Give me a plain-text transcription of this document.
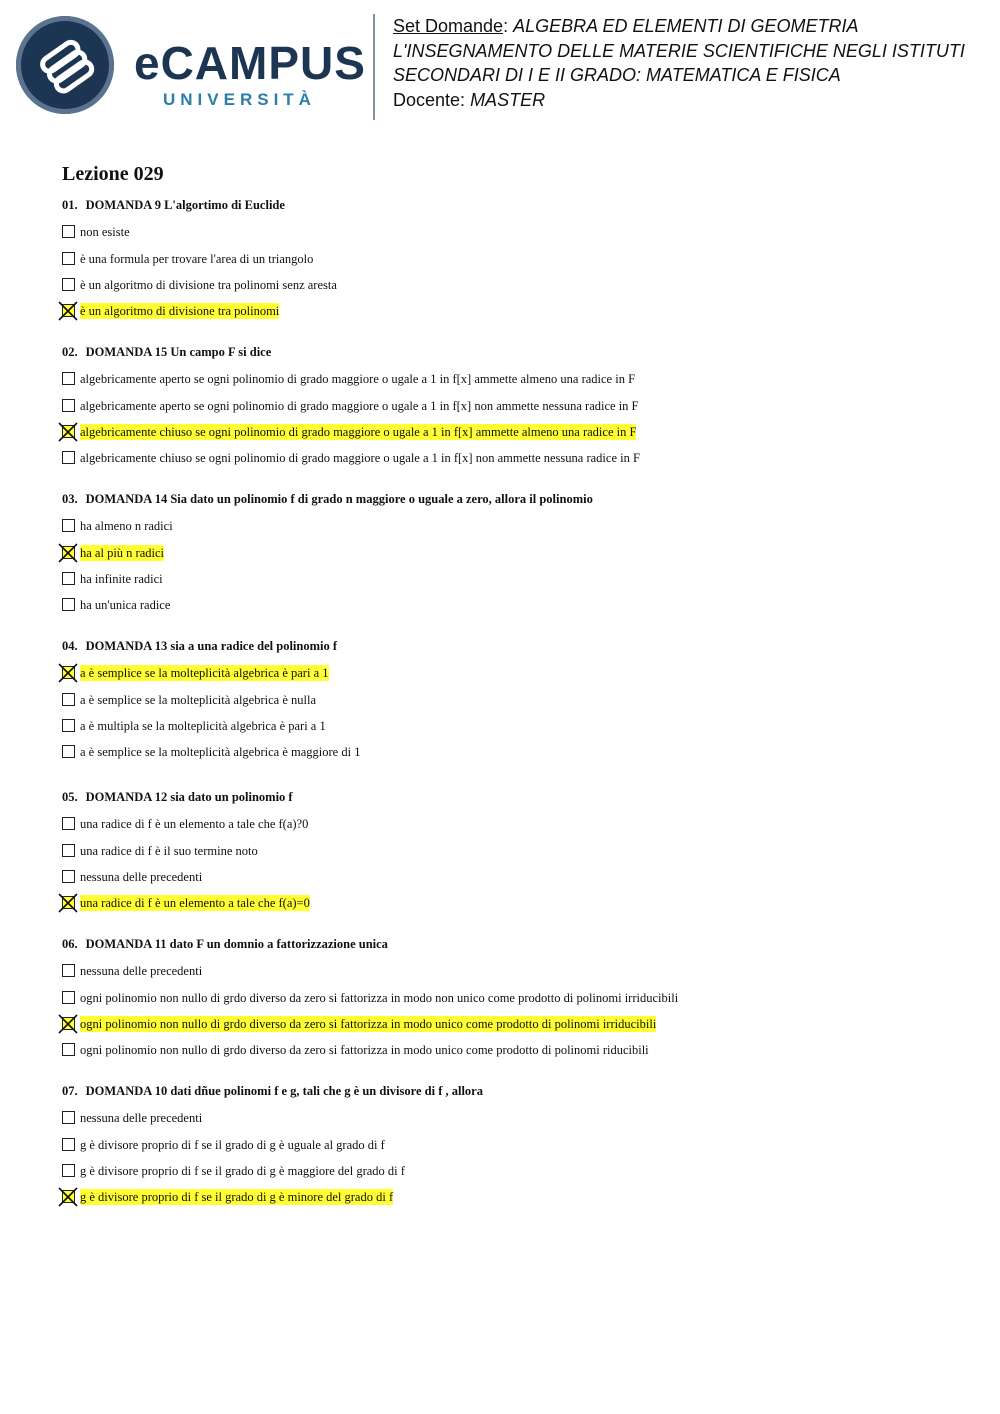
eCAMPUS
UNIVERSITÀ
Set Domande: ALGEBRA ED ELEMENTI DI GEOMETRIA
L'INSEGNAMENTO DELLE MATERIE SCIENTIFICHE NEGLI ISTITUTI
SECONDARI DI I E II GRADO: MATEMATICA E FISICA
Docente: MASTER
Lezione 029
01. DOMANDA 9 L'algortimo di Euclide
non esiste
è una formula per trovare l'area di un triangolo
è un algoritmo di divisione tra polinomi senz aresta
è un algoritmo di divisione tra polinomi
02. DOMANDA 15 Un campo F si dice
algebricamente aperto se ogni polinomio di grado maggiore o ugale a 1 in f[x] ammette almeno una radice in F
algebricamente aperto se ogni polinomio di grado maggiore o ugale a 1 in f[x] non ammette nessuna radice in F
algebricamente chiuso se ogni polinomio di grado maggiore o ugale a 1 in f[x] ammette almeno una radice in F
algebricamente chiuso se ogni polinomio di grado maggiore o ugale a 1 in f[x] non ammette nessuna radice in F
03. DOMANDA 14 Sia dato un polinomio f di grado n maggiore o uguale a zero, allora il polinomio
ha almeno n radici
ha al più n radici
ha infinite radici
ha un'unica radice
04. DOMANDA 13 sia a una radice del polinomio f
a è semplice se la molteplicità algebrica è pari a 1
a è semplice se la molteplicità algebrica è nulla
a è multipla se la molteplicità algebrica è pari a 1
a è semplice se la molteplicità algebrica è maggiore di 1
05. DOMANDA 12 sia dato un polinomio f
una radice di f è un elemento a tale che f(a)?0
una radice di f è il suo termine noto
nessuna delle precedenti
una radice di f è un elemento a tale che f(a)=0
06. DOMANDA 11 dato F un domnio a fattorizzazione unica
nessuna delle precedenti
ogni polinomio non nullo di grdo diverso da zero si fattorizza in modo non unico come prodotto di polinomi irriducibili
ogni polinomio non nullo di grdo diverso da zero si fattorizza in modo unico come prodotto di polinomi irriducibili
ogni polinomio non nullo di grdo diverso da zero si fattorizza in modo unico come prodotto di polinomi riducibili
07. DOMANDA 10 dati dñue polinomi f e g, tali che g è un divisore di f , allora
nessuna delle precedenti
g è divisore proprio di f se il grado di g è uguale al grado di f
g è divisore proprio di f se il grado di g è maggiore del grado di f
g è divisore proprio di f se il grado di g è minore del grado di f
